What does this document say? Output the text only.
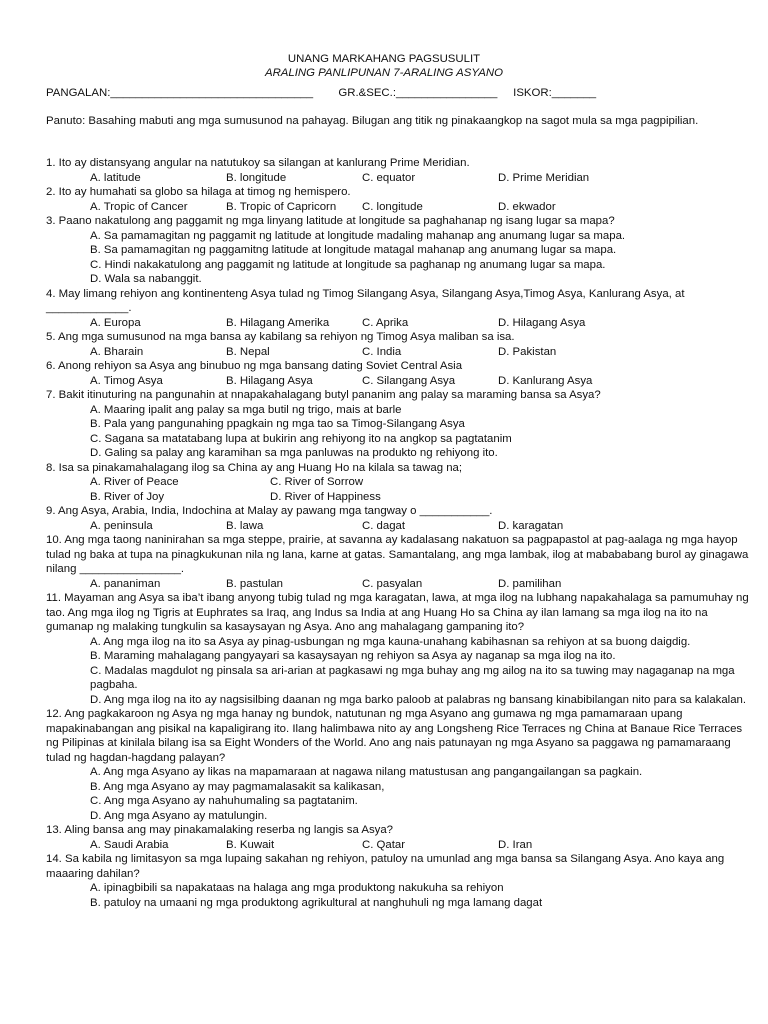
UNANG MARKAHANG PAGSUSULIT
ARALING PANLIPUNAN 7-ARALING ASYANO
PANGALAN:________________________________        GR.&SEC.:________________     ISKOR:_______
Panuto: Basahing mabuti ang mga sumusunod na pahayag. Bilugan ang titik ng pinakaangkop na sagot mula sa mga pagpipilian.
1. Ito ay distansyang angular na natutukoy sa silangan at kanlurang Prime Meridian.
A. latitude	B. longitude	C. equator	D. Prime Meridian
2. Ito ay humahati sa globo sa hilaga at timog ng hemispero.
A. Tropic of Cancer	B. Tropic of Capricorn	C. longitude	D. ekwador
3. Paano nakatulong ang paggamit ng mga linyang latitude at longitude sa paghahanap ng isang lugar sa mapa?
A. Sa pamamagitan ng paggamit ng latitude at longitude madaling mahanap ang anumang lugar sa mapa.
B. Sa pamamagitan ng paggamitng latitude at longitude matagal mahanap ang anumang lugar sa mapa.
C. Hindi nakakatulong ang paggamit ng latitude at longitude sa paghanap ng anumang lugar sa mapa.
D. Wala sa nabanggit.
4. May limang rehiyon ang kontinenteng Asya tulad ng Timog Silangang Asya, Silangang Asya,Timog Asya, Kanlurang Asya, at _____________.
A. Europa	B. Hilagang Amerika	C. Aprika	D. Hilagang Asya
5. Ang mga sumusunod na mga bansa ay kabilang sa rehiyon ng Timog Asya maliban sa isa.
A. Bharain	B. Nepal	C. India	D. Pakistan
6. Anong rehiyon sa Asya ang binubuo ng mga bansang dating Soviet Central Asia
A. Timog Asya	B. Hilagang Asya	C. Silangang Asya	D. Kanlurang Asya
7. Bakit itinuturing na pangunahin at nnapakahalagang butyl pananim ang palay sa maraming bansa sa Asya?
A. Maaring ipalit ang palay sa mga butil ng trigo, mais at barle
B. Pala yang pangunahing ppagkain ng mga tao sa Timog-Silangang Asya
C. Sagana sa matatabang lupa at bukirin ang rehiyong ito na angkop sa pagtatanim
D. Galing sa palay ang karamihan sa mga panluwas na produkto ng rehiyong ito.
8. Isa sa pinakamahalagang ilog sa China ay ang Huang Ho na kilala sa tawag na;
A. River of Peace	C. River of Sorrow
B. River of Joy	D. River of Happiness
9. Ang Asya, Arabia, India, Indochina at Malay ay pawang mga tangway o ___________.
A. peninsula	B. lawa	C. dagat	D. karagatan
10. Ang mga taong naninirahan sa mga steppe, prairie, at savanna ay kadalasang nakatuon sa pagpapastol at pag-aalaga ng mga hayop tulad ng baka at tupa na pinagkukunan nila ng lana, karne at gatas. Samantalang, ang mga lambak, ilog at mabababang burol ay ginagawa nilang ________________.
A. pananiman	B. pastulan	C. pasyalan	D. pamilihan
11. Mayaman ang Asya sa iba’t ibang anyong tubig tulad ng mga karagatan, lawa, at mga ilog na lubhang napakahalaga sa pamumuhay ng tao. Ang mga ilog ng Tigris at Euphrates sa Iraq, ang Indus sa India at ang Huang Ho sa China ay ilan lamang sa mga ilog na ito na gumanap ng malaking tungkulin sa kasaysayan ng Asya. Ano ang mahalagang gampaning ito?
A. Ang mga ilog na ito sa Asya ay pinag-usbungan ng mga kauna-unahang kabihasnan sa rehiyon at sa buong daigdig.
B. Maraming mahalagang pangyayari sa kasaysayan ng rehiyon sa Asya ay naganap sa mga ilog na ito.
C. Madalas magdulot ng pinsala sa ari-arian at pagkasawi ng mga buhay ang mg ailog na ito sa tuwing may nagaganap na mga pagbaha.
D. Ang mga ilog na ito ay nagsisilbing daanan ng mga barko paloob at palabras ng bansang kinabibilangan nito para sa kalakalan.
12. Ang pagkakaroon ng Asya ng mga hanay ng bundok, natutunan ng mga Asyano ang gumawa ng mga pamamaraan upang mapakinabangan ang pisikal na kapaligirang ito. Ilang halimbawa nito ay ang Longsheng Rice Terraces ng China at Banaue Rice Terraces ng Pilipinas at kinilala bilang isa sa Eight Wonders of the World. Ano ang nais patunayan ng mga Asyano sa paggawa ng pamamaraang tulad ng hagdan-hagdang palayan?
A. Ang mga Asyano ay likas na mapamaraan at nagawa nilang matustusan ang pangangailangan sa pagkain.
B. Ang mga Asyano ay may pagmamalasakit sa kalikasan,
C. Ang mga Asyano ay nahuhumaling sa pagtatanim.
D. Ang mga Asyano ay matulungin.
13. Aling bansa ang may pinakamalaking reserba ng langis sa Asya?
A. Saudi Arabia	B. Kuwait	C. Qatar	D. Iran
14. Sa kabila ng limitasyon sa mga lupaing sakahan ng rehiyon, patuloy na umunlad ang mga bansa sa Silangang Asya. Ano kaya ang maaaring dahilan?
A. ipinagbibili sa napakataas na halaga ang mga produktong nakukuha sa rehiyon
B. patuloy na umaani ng mga produktong agrikultural at nanghuhuli ng mga lamang dagat
